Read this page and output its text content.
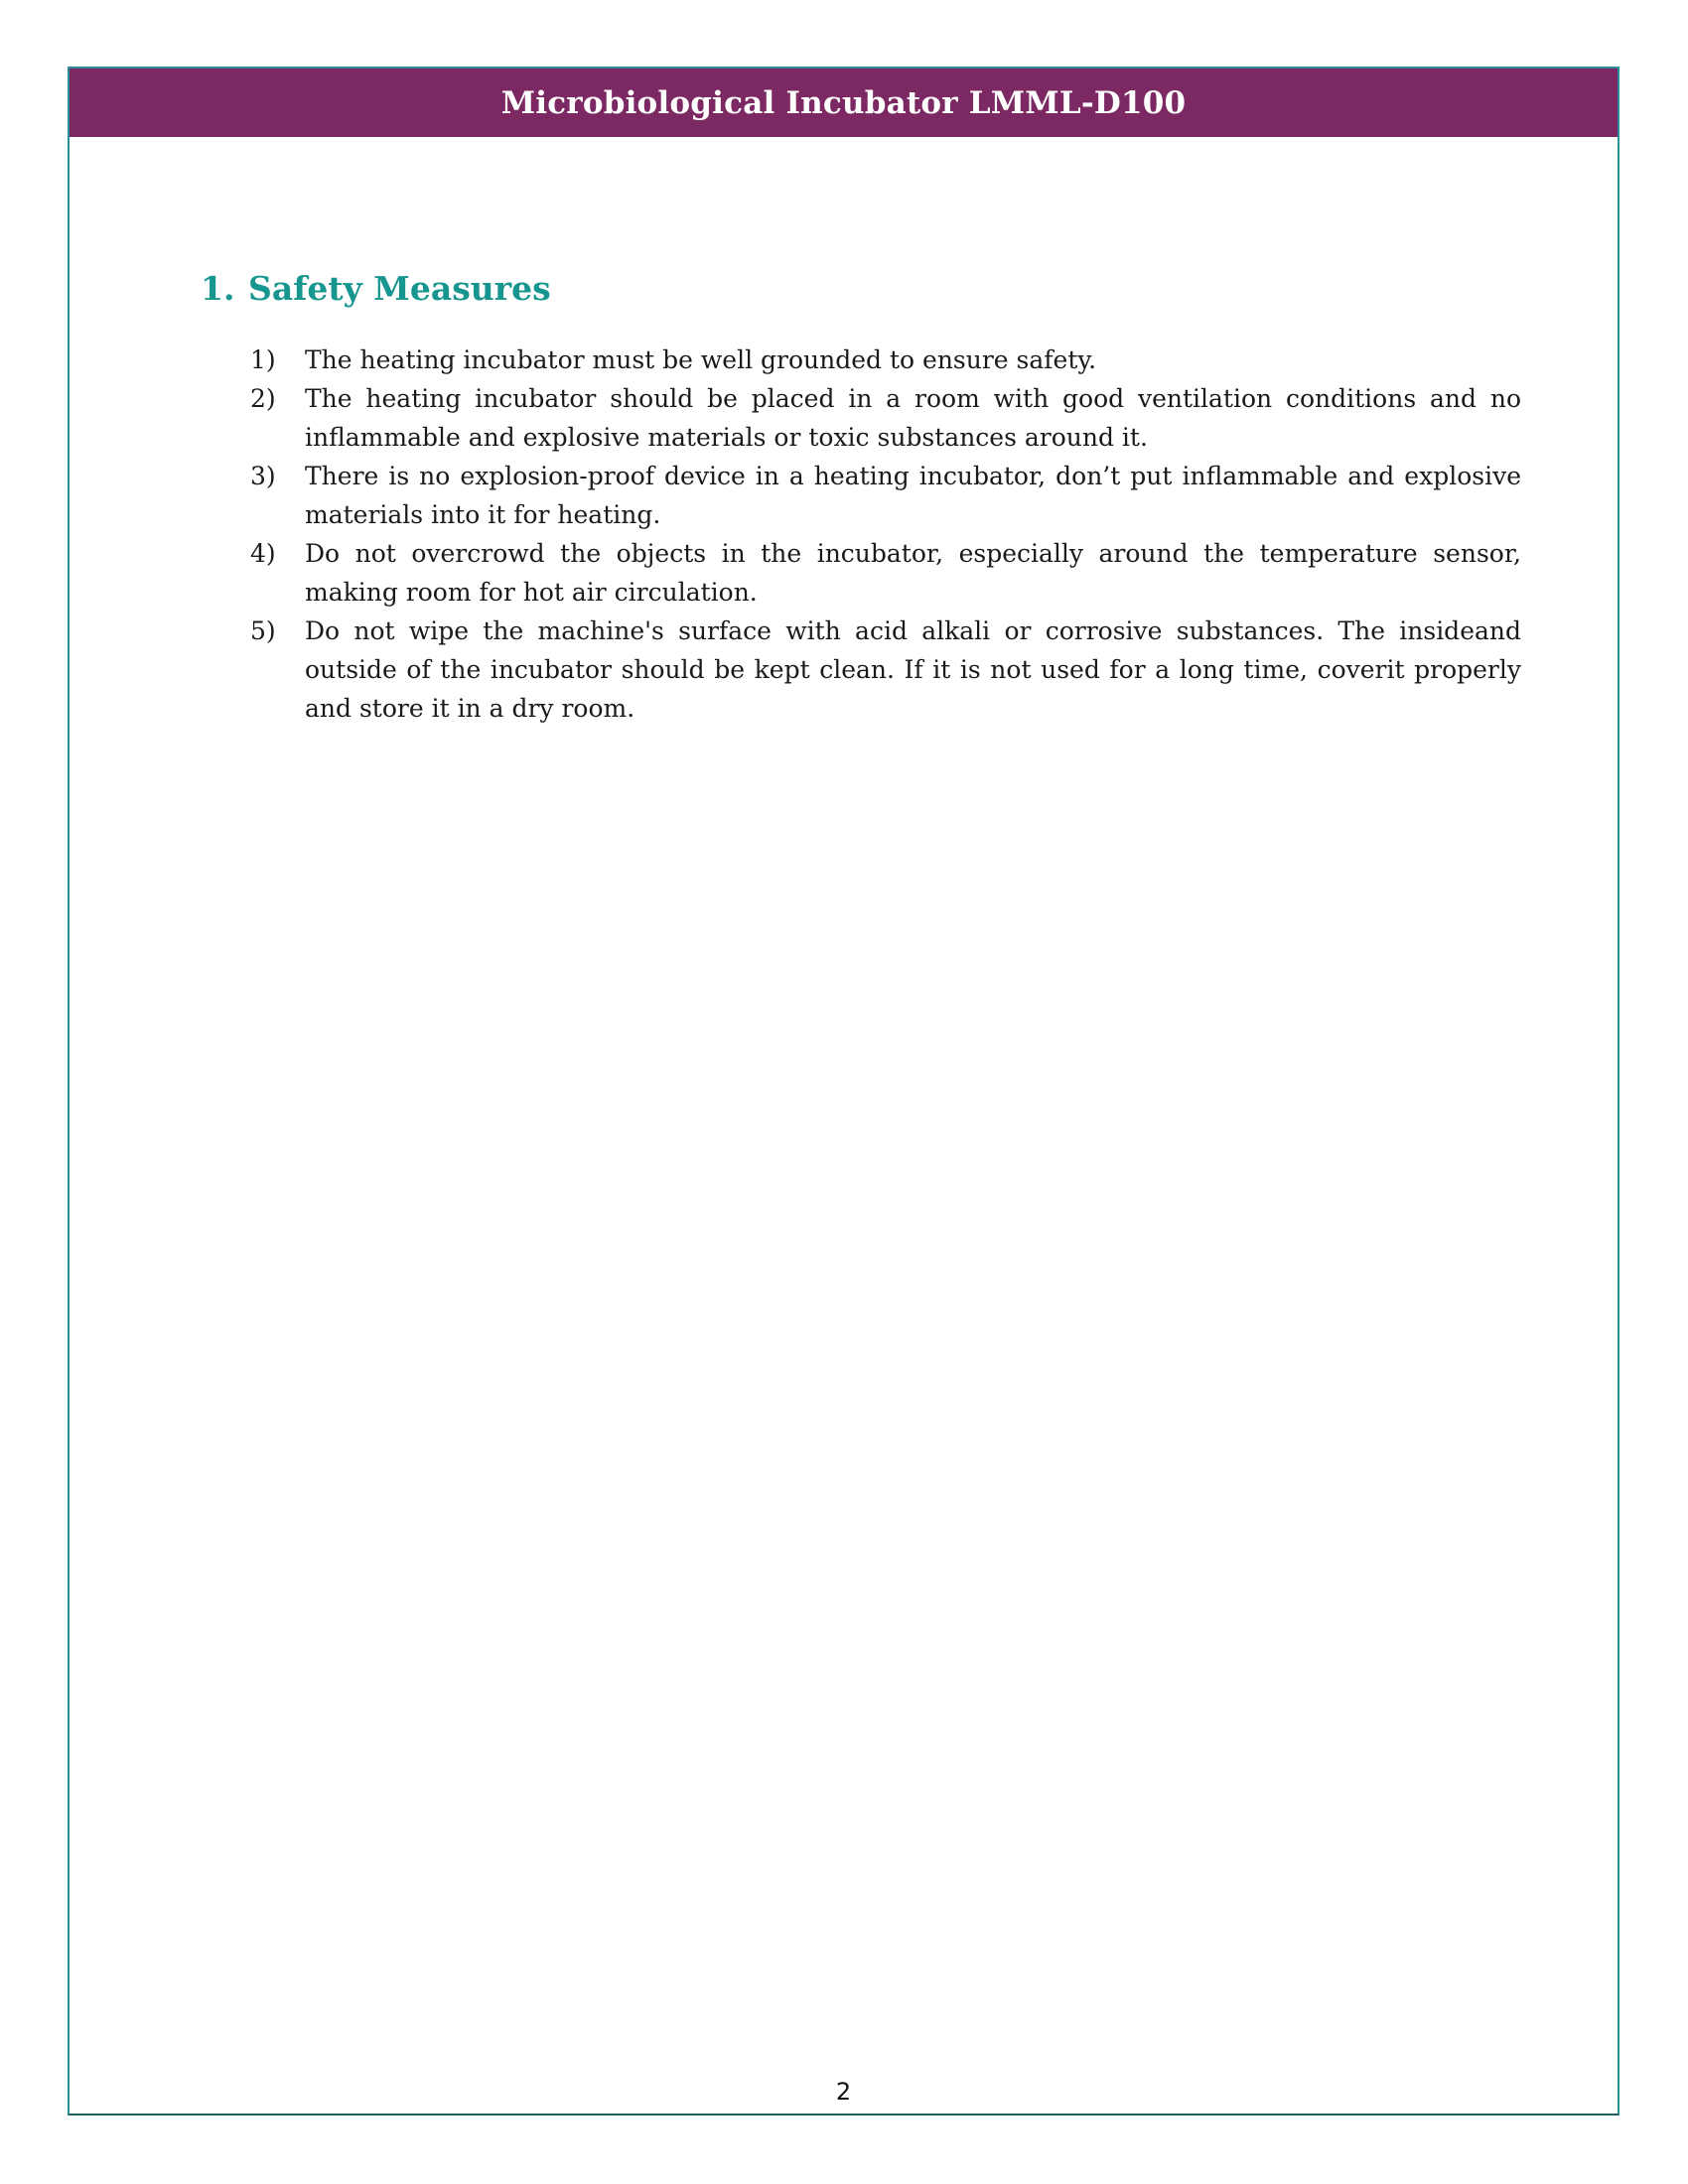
Microbiological Incubator LMML-D100
1. Safety Measures
1)	The heating incubator must be well grounded to ensure safety.
2)	The heating incubator should be placed in a room with good ventilation conditions and no inflammable and explosive materials or toxic substances around it.
3)	There is no explosion-proof device in a heating incubator, don’t put inflammable and explosive materials into it for heating.
4)	Do not overcrowd the objects in the incubator, especially around the temperature sensor, making room for hot air circulation.
5)	Do not wipe the machine's surface with acid alkali or corrosive substances. The insideand outside of the incubator should be kept clean. If it is not used for a long time, coverit properly and store it in a dry room.
2
